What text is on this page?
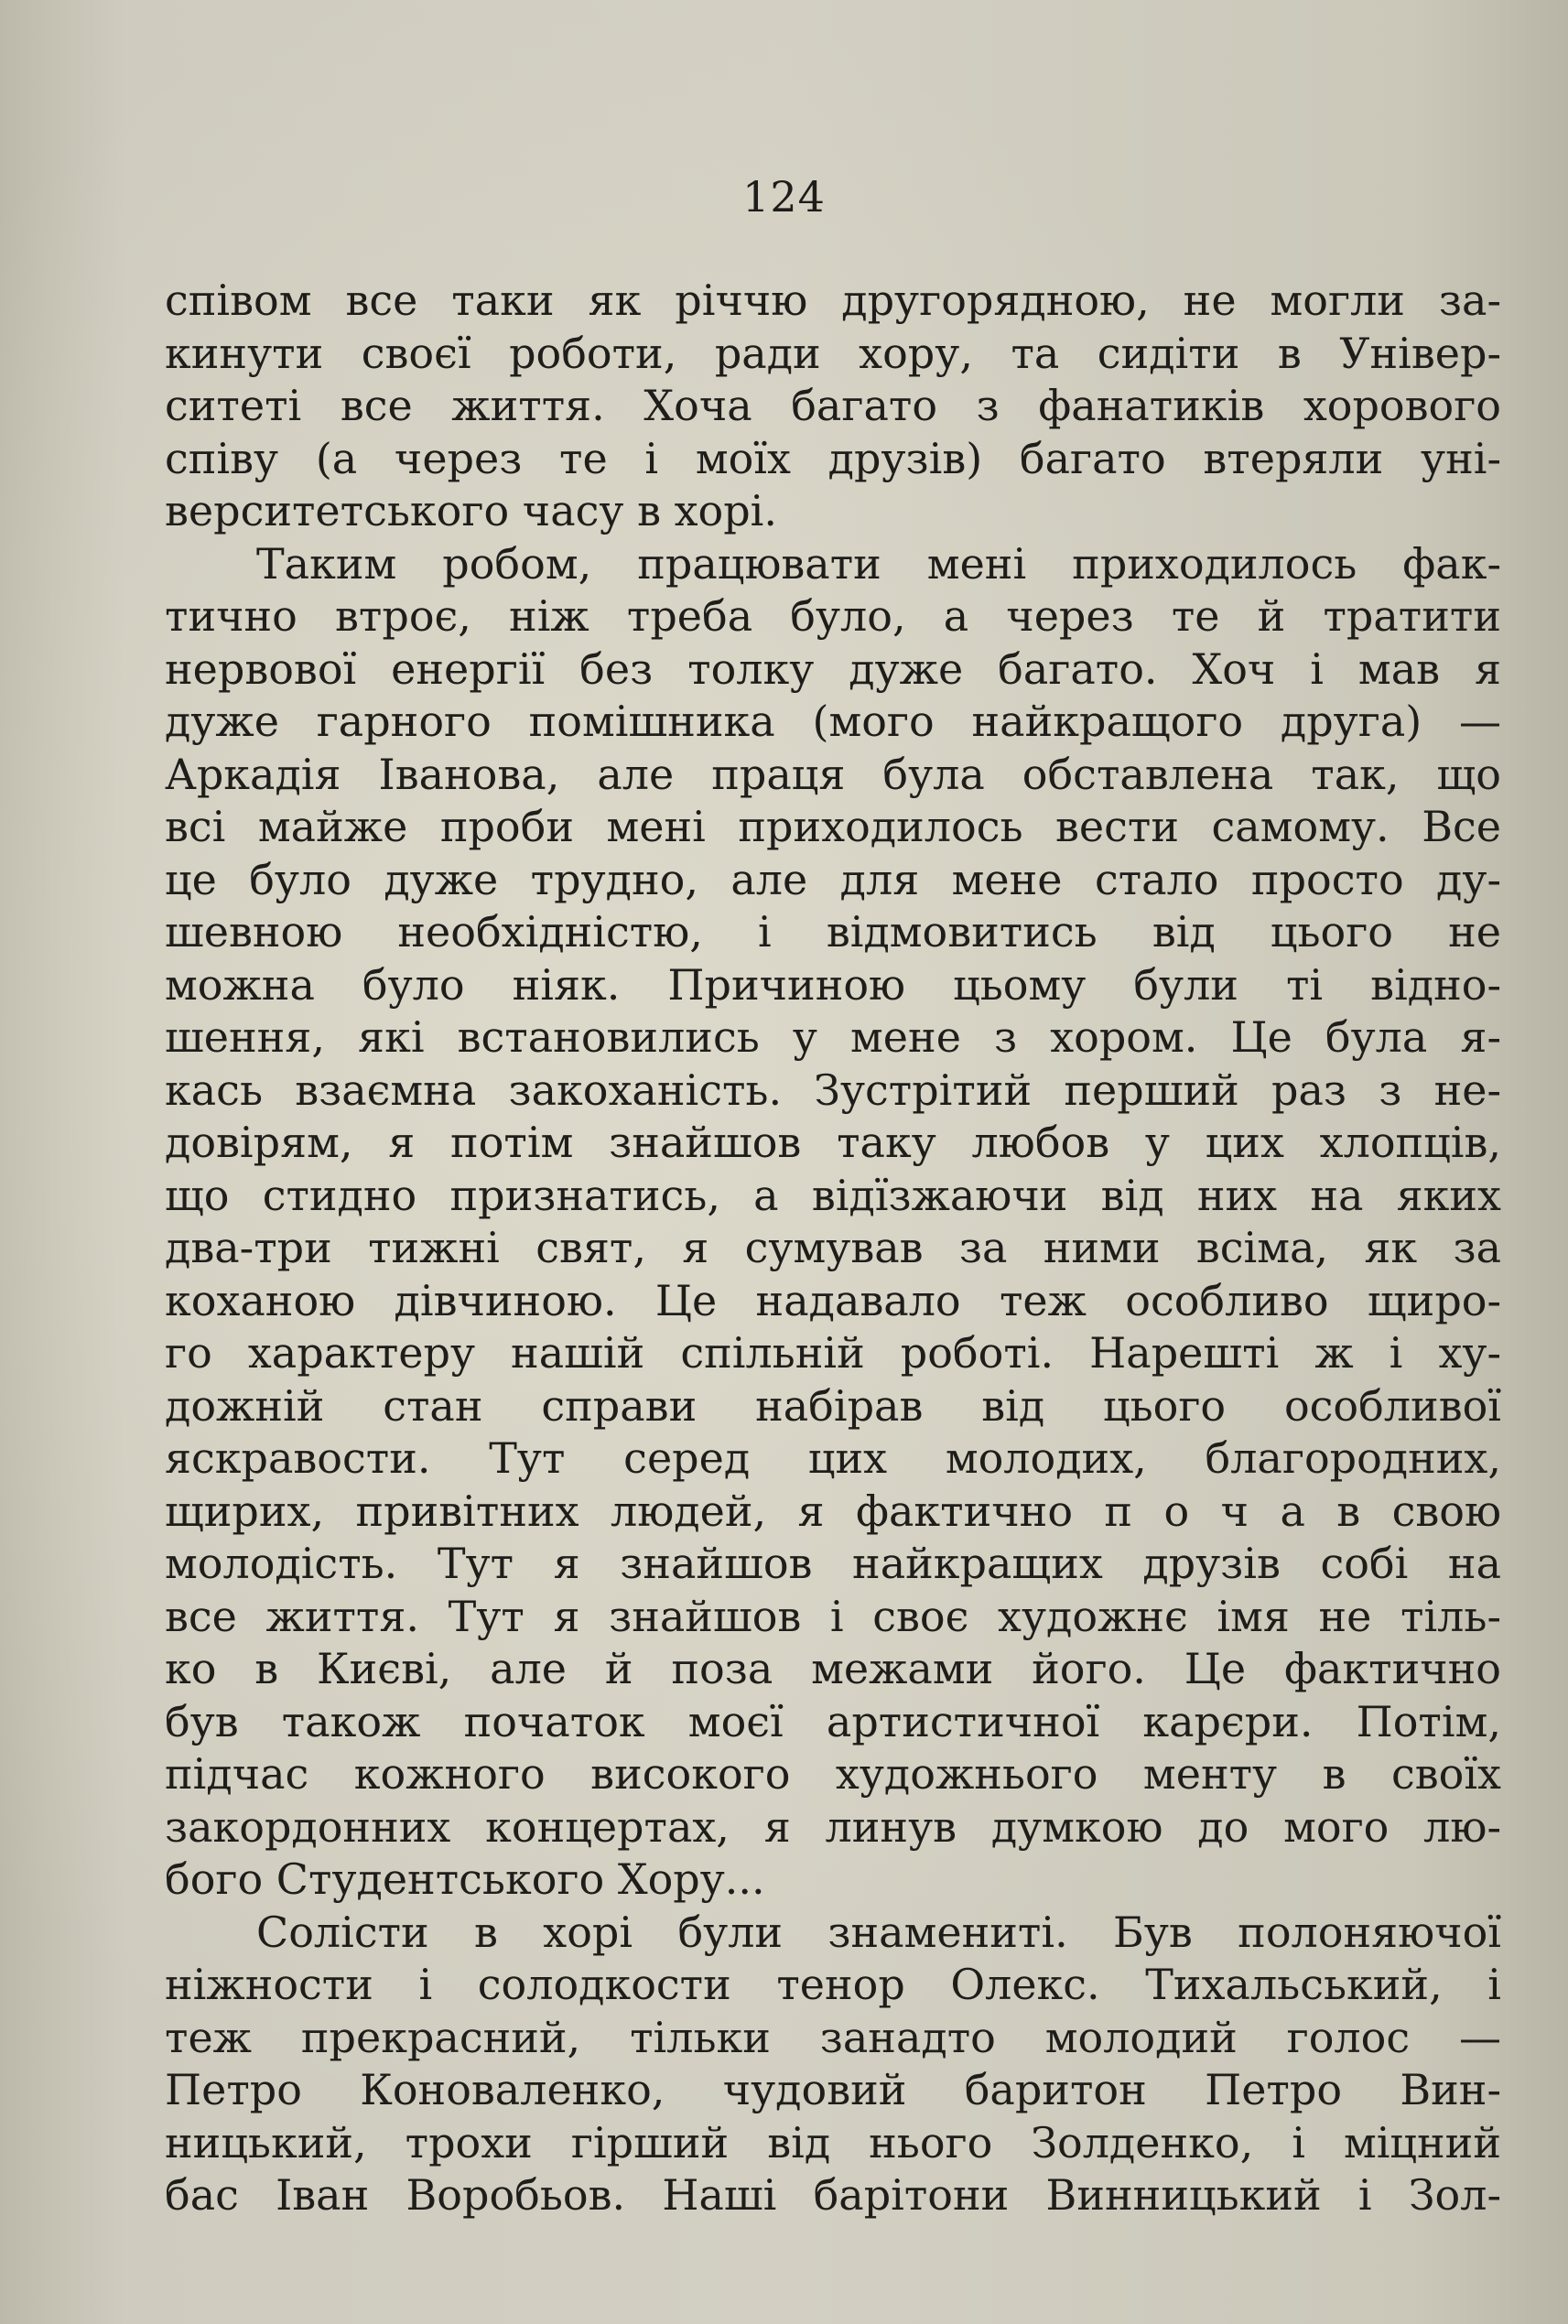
124
співом все таки як річчю другорядною, не могли за-
кинути своєї роботи, ради хору, та сидіти в Універ-
ситеті все життя. Хоча багато з фанатиків хорового
співу (а через те і моїх друзів) багато втеряли уні-
верситетського часу в хорі.
Таким робом, працювати мені приходилось фак-
тично втроє, ніж треба було, а через те й тратити
нервової енергії без толку дуже багато. Хоч і мав я
дуже гарного помішника (мого найкращого друга) —
Аркадія Іванова, але праця була обставлена так, що
всі майже проби мені приходилось вести самому. Все
це було дуже трудно, але для мене стало просто ду-
шевною необхідністю, і відмовитись від цього не
можна було ніяк. Причиною цьому були ті відно-
шення, які встановились у мене з хором. Це була я-
кась взаємна закоханість. Зустрітий перший раз з не-
довірям, я потім знайшов таку любов у цих хлопців,
що стидно признатись, а відїзжаючи від них на яких
два-три тижні свят, я сумував за ними всіма, як за
коханою дівчиною. Це надавало теж особливо щиро-
го характеру нашій спільній роботі. Нарешті ж і ху-
дожній стан справи набірав від цього особливої
яскравости. Тут серед цих молодих, благородних,
щирих, привітних людей, я фактично п о ч а в свою
молодість. Тут я знайшов найкращих друзів собі на
все життя. Тут я знайшов і своє художнє імя не тіль-
ко в Києві, але й поза межами його. Це фактично
був також початок моєї артистичної карєри. Потім,
підчас кожного високого художнього менту в своїх
закордонних концертах, я линув думкою до мого лю-
бого Студентського Хору...
Солісти в хорі були знамениті. Був полоняючої
ніжности і солодкости тенор Олекс. Тихальський, і
теж прекрасний, тільки занадто молодий голос —
Петро Коноваленко, чудовий баритон Петро Вин-
ницький, трохи гірший від нього Золденко, і міцний
бас Іван Воробьов. Наші барітони Винницький і Зол-
